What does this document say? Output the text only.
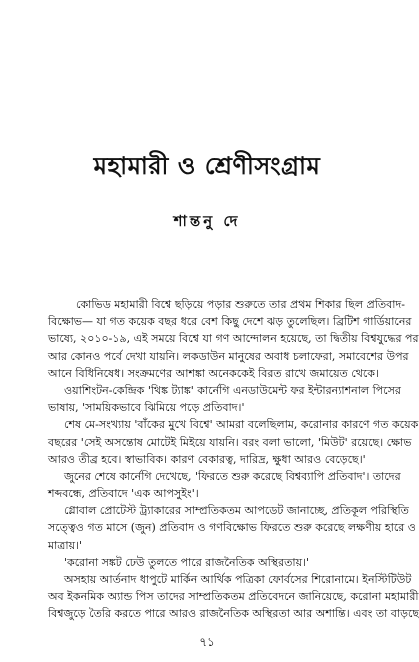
মহামারী ও শ্রেণীসংগ্রাম
শান্তনু দে
কোভিড মহামারী বিশ্বে ছড়িয়ে পড়ার শুরুতে তার প্রথম শিকার ছিল প্রতিবাদ-
বিক্ষোভ— যা গত কয়েক বছর ধরে বেশ কিছু দেশে ঝড় তুলেছিল। ব্রিটিশ গার্ডিয়ানের
ভাষ্যে, ২০১০-১৯, এই সময়ে বিশ্বে যা গণ আন্দোলন হয়েছে, তা দ্বিতীয় বিশ্বযুদ্ধের পর
আর কোনও পর্বে দেখা যায়নি। লকডাউন মানুষের অবাধ চলাফেরা, সমাবেশের উপর
আনে বিধিনিষেধ। সংক্রমণের আশঙ্কা অনেককেই বিরত রাখে জমায়েত থেকে।
ওয়াশিংটন-কেন্দ্রিক 'থিঙ্ক ট্যাঙ্ক' কার্নেগি এনডাউমেন্ট ফর ইন্টারন্যাশনাল পিসের
ভাষায়, 'সাময়িকভাবে ঝিমিয়ে পড়ে প্রতিবাদ।'
শেষ মে-সংখ্যায় 'বাঁকের মুখে বিশ্বে' আমরা বলেছিলাম, করোনার কারণে গত কয়েক
বছরের 'সেই অসন্তোষ মোটেই মিইয়ে যায়নি। বরং বলা ভালো, 'মিউট' রয়েছে। ক্ষোভ
আরও তীব্র হবে। স্বাভাবিক। কারণ বেকারত্ব, দারিদ্র, ক্ষুধা আরও বেড়েছে।'
জুনের শেষে কার্নেগি দেখেছে, 'ফিরতে শুরু করেছে বিশ্বব্যাপি প্রতিবাদ'। তাদের
শব্দবন্ধে, প্রতিবাদে 'এক আপসুইং'।
গ্লোবাল প্রোটেস্ট ট্র্যাকারের সাম্প্রতিকতম আপডেট জানাচ্ছে, প্রতিকূল পরিস্থিতি
সত্ত্বেও গত মাসে (জুন) প্রতিবাদ ও গণবিক্ষোভ ফিরতে শুরু করেছে লক্ষণীয় হারে ও
মাত্রায়।'
'করোনা সঙ্কট ঢেউ তুলতে পারে রাজনৈতিক অস্থিরতায়।'
অসহায় আর্তনাদ ধাপুটে মার্কিন আর্থিক পত্রিকা ফোর্বসের শিরোনামে। ইনস্টিটিউট
অব ইকনমিক অ্যান্ড পিস তাদের সাম্প্রতিকতম প্রতিবেদনে জানিয়েছে, করোনা মহামারী
বিশ্বজুড়ে তৈরি করতে পারে আরও রাজনৈতিক অস্থিরতা আর অশান্তি। এবং তা বাড়ছে
৭১
